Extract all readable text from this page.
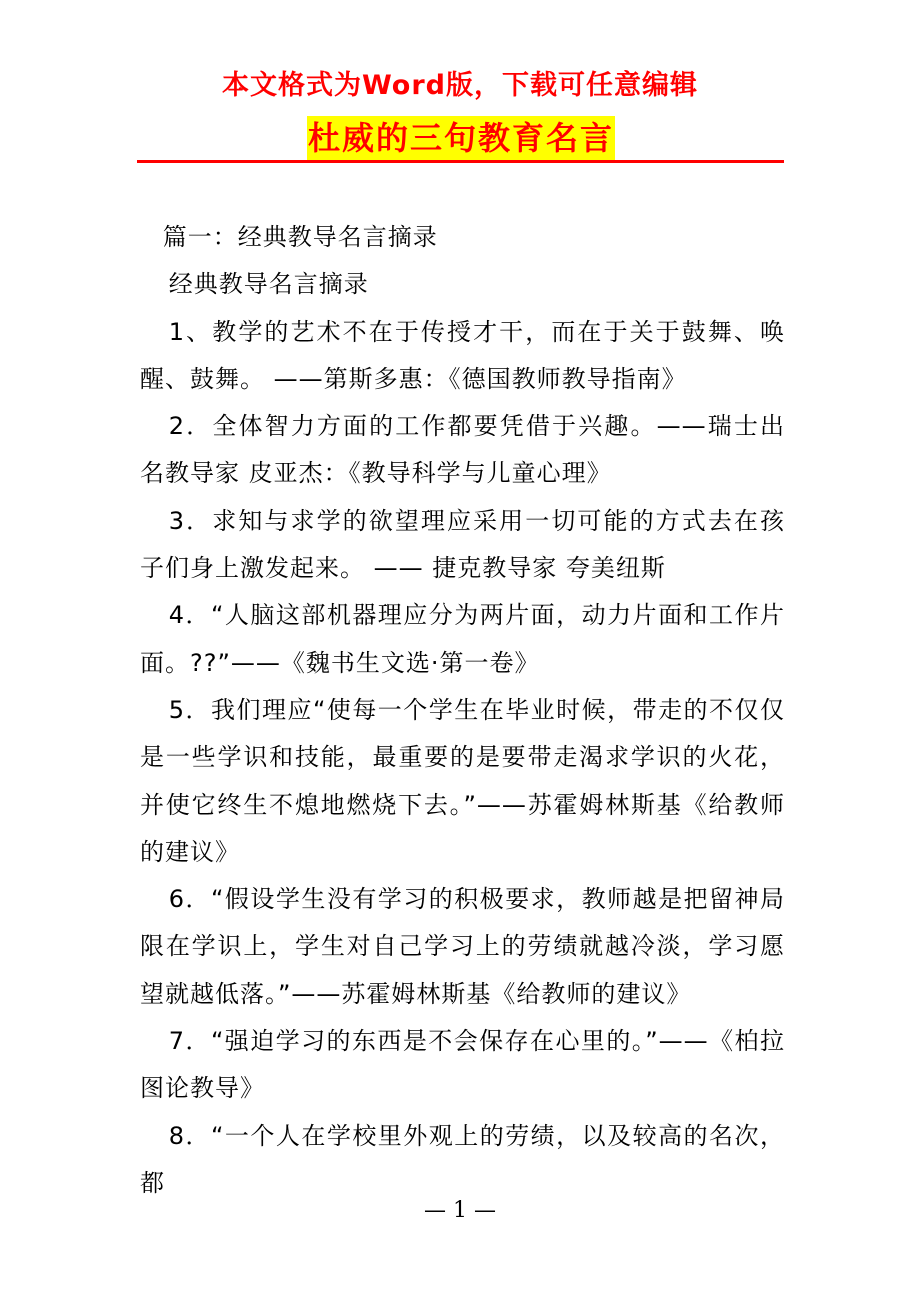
本文格式为Word版，下载可任意编辑
杜威的三句教育名言

篇一：经典教导名言摘录

经典教导名言摘录

1、教学的艺术不在于传授才干，而在于关于鼓舞、唤醒、鼓舞。 ——第斯多惠：《德国教师教导指南》

2．全体智力方面的工作都要凭借于兴趣。——瑞士出名教导家 皮亚杰：《教导科学与儿童心理》

3．求知与求学的欲望理应采用一切可能的方式去在孩子们身上激发起来。 —— 捷克教导家 夸美纽斯

4．“人脑这部机器理应分为两片面，动力片面和工作片面。??”——《魏书生文选·第一卷》

5．我们理应“使每一个学生在毕业时候，带走的不仅仅是一些学识和技能，最重要的是要带走渴求学识的火花，并使它终生不熄地燃烧下去。”——苏霍姆林斯基《给教师的建议》

6．“假设学生没有学习的积极要求，教师越是把留神局限在学识上，学生对自己学习上的劳绩就越冷淡，学习愿望就越低落。”——苏霍姆林斯基《给教师的建议》

7．“强迫学习的东西是不会保存在心里的。”——《柏拉图论教导》

8．“一个人在学校里外观上的劳绩，以及较高的名次，都

— 1 —
